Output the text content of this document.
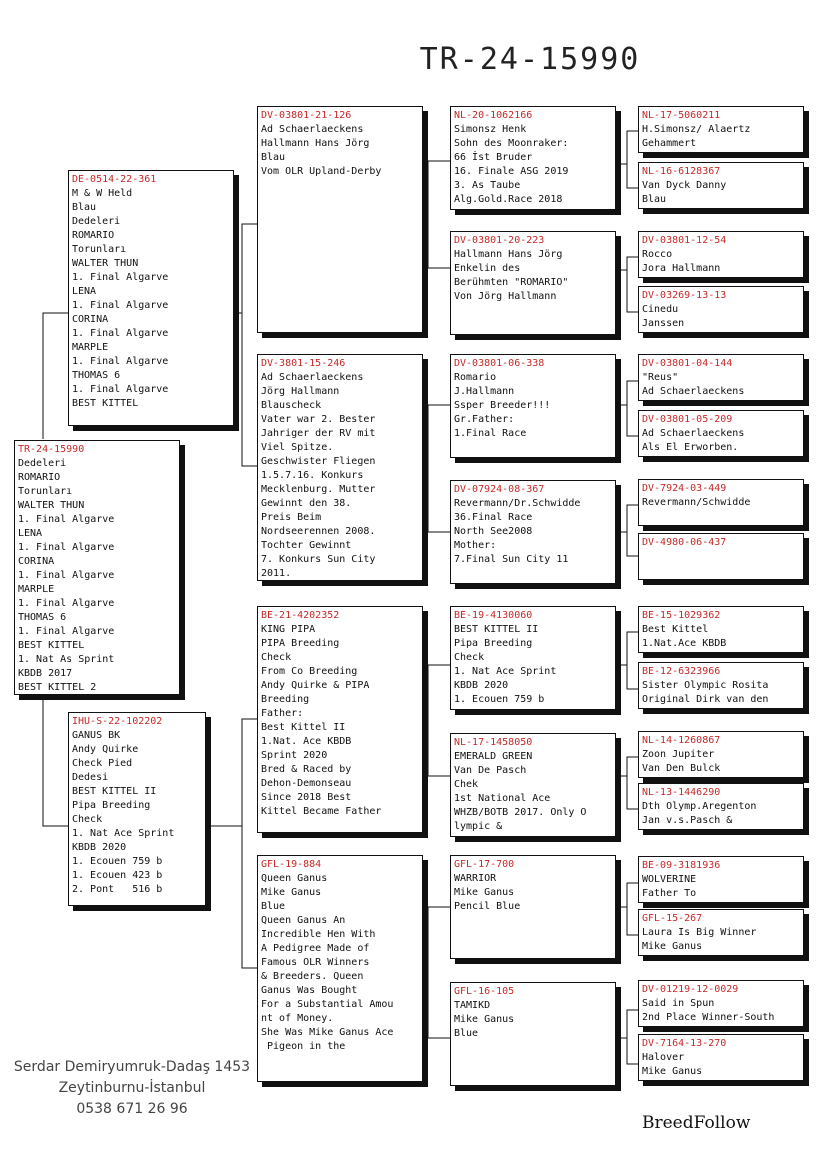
TR-24-15990
TR-24-15990
Dedeleri
ROMARIO
Torunları
WALTER THUN
1. Final Algarve
LENA
1. Final Algarve
CORINA
1. Final Algarve
MARPLE
1. Final Algarve
THOMAS 6
1. Final Algarve
BEST KITTEL
1. Nat As Sprint
KBDB 2017
BEST KITTEL 2
DE-0514-22-361
M & W Held
Blau
Dedeleri
ROMARIO
Torunları
WALTER THUN
1. Final Algarve
LENA
1. Final Algarve
CORINA
1. Final Algarve
MARPLE
1. Final Algarve
THOMAS 6
1. Final Algarve
BEST KITTEL
IHU-S-22-102202
GANUS BK
Andy Quirke
Check Pied
Dedesi
BEST KITTEL II
Pipa Breeding
Check
1. Nat Ace Sprint
KBDB 2020
1. Ecouen 759 b
1. Ecouen 423 b
2. Pont   516 b
DV-03801-21-126
Ad Schaerlaeckens
Hallmann Hans Jörg
Blau
Vom OLR Upland-Derby
DV-3801-15-246
Ad Schaerlaeckens
Jörg Hallmann
Blauscheck
Vater war 2. Bester
Jahriger der RV mit
Viel Spitze.
Geschwister Fliegen
1.5.7.16. Konkurs
Mecklenburg. Mutter
Gewinnt den 38.
Preis Beim
Nordseerennen 2008.
Tochter Gewinnt
7. Konkurs Sun City
2011.
BE-21-4202352
KING PIPA
PIPA Breeding
Check
From Co Breeding
Andy Quirke & PIPA
Breeding
Father:
Best Kittel II
1.Nat. Ace KBDB
Sprint 2020
Bred & Raced by
Dehon-Demonseau
Since 2018 Best
Kittel Became Father
GFL-19-884
Queen Ganus
Mike Ganus
Blue
Queen Ganus An
Incredible Hen With
A Pedigree Made of
Famous OLR Winners
& Breeders. Queen
Ganus Was Bought
For a Substantial Amou
nt of Money.
She Was Mike Ganus Ace
Pigeon in the
NL-20-1062166
Simonsz Henk
Sohn des Moonraker:
66 İst Bruder
16. Finale ASG 2019
3. As Taube
Alg.Gold.Race 2018
DV-03801-20-223
Hallmann Hans Jörg
Enkelin des
Berühmten "ROMARIO"
Von Jörg Hallmann
DV-03801-06-338
Romario
J.Hallmann
Ssper Breeder!!!
Gr.Father:
1.Final Race
DV-07924-08-367
Revermann/Dr.Schwidde
36.Final Race
North See2008
Mother:
7.Final Sun City 11
BE-19-4130060
BEST KITTEL II
Pipa Breeding
Check
1. Nat Ace Sprint
KBDB 2020
1. Ecouen 759 b
NL-17-1458050
EMERALD GREEN
Van De Pasch
Chek
1st National Ace
WHZB/BOTB 2017. Only O
lympic &
GFL-17-700
WARRIOR
Mike Ganus
Pencil Blue
GFL-16-105
TAMIKD
Mike Ganus
Blue
NL-17-5060211
H.Simonsz/ Alaertz
Gehammert
NL-16-6128367
Van Dyck Danny
Blau
DV-03801-12-54
Rocco
Jora Hallmann
DV-03269-13-13
Cinedu
Janssen
DV-03801-04-144
"Reus"
Ad Schaerlaeckens
DV-03801-05-209
Ad Schaerlaeckens
Als El Erworben.
DV-7924-03-449
Revermann/Schwidde
DV-4980-06-437
BE-15-1029362
Best Kittel
1.Nat.Ace KBDB
BE-12-6323966
Sister Olympic Rosita
Original Dirk van den
NL-14-1260867
Zoon Jupiter
Van Den Bulck
NL-13-1446290
Dth Olymp.Aregenton
Jan v.s.Pasch &
BE-09-3181936
WOLVERINE
Father To
GFL-15-267
Laura Is Big Winner
Mike Ganus
DV-01219-12-0029
Said in Spun
2nd Place Winner-South
DV-7164-13-270
Halover
Mike Ganus
Serdar Demiryumruk-Dadaş 1453
Zeytinburnu-İstanbul
0538 671 26 96
BreedFollow
